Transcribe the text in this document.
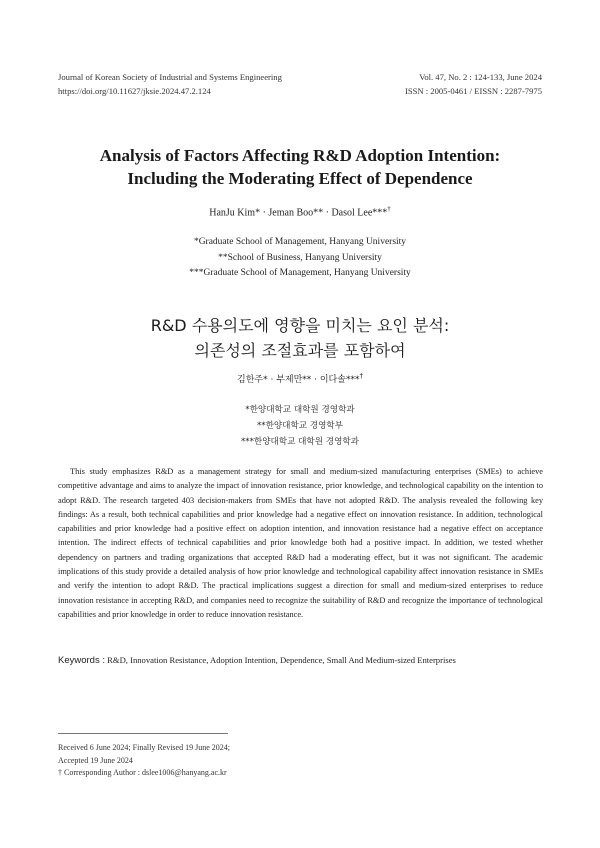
Journal of Korean Society of Industrial and Systems Engineering
https://doi.org/10.11627/jksie.2024.47.2.124
Vol. 47, No. 2 : 124-133, June 2024
ISSN : 2005-0461 / EISSN : 2287-7975
Analysis of Factors Affecting R&D Adoption Intention:
Including the Moderating Effect of Dependence
HanJu Kim* · Jeman Boo** · Dasol Lee***†
*Graduate School of Management, Hanyang University
**School of Business, Hanyang University
***Graduate School of Management, Hanyang University
R&D 수용의도에 영향을 미치는 요인 분석:
의존성의 조절효과를 포함하여
김한주* · 부제만** · 이다솔***†
*한양대학교 대학원 경영학과
**한양대학교 경영학부
***한양대학교 대학원 경영학과

This study emphasizes R&D as a management strategy for small and medium-sized manufacturing enterprises (SMEs) to achieve competitive advantage and aims to analyze the impact of innovation resistance, prior knowledge, and technological capability on the intention to adopt R&D. The research targeted 403 decision-makers from SMEs that have not adopted R&D. The analysis revealed the following key findings: As a result, both technical capabilities and prior knowledge had a negative effect on innovation resistance. In addition, technological capabilities and prior knowledge had a positive effect on adoption intention, and innovation resistance had a negative effect on acceptance intention. The indirect effects of technical capabilities and prior knowledge both had a positive impact. In addition, we tested whether dependency on partners and trading organizations that accepted R&D had a moderating effect, but it was not significant. The academic implications of this study provide a detailed analysis of how prior knowledge and technological capability affect innovation resistance in SMEs and verify the intention to adopt R&D. The practical implications suggest a direction for small and medium-sized enterprises to reduce innovation resistance in accepting R&D, and companies need to recognize the suitability of R&D and recognize the importance of technological capabilities and prior knowledge in order to reduce innovation resistance.

Keywords : R&D, Innovation Resistance, Adoption Intention, Dependence, Small And Medium-sized Enterprises
Received 6 June 2024; Finally Revised 19 June 2024;
Accepted 19 June 2024
† Corresponding Author : dslee1006@hanyang.ac.kr
